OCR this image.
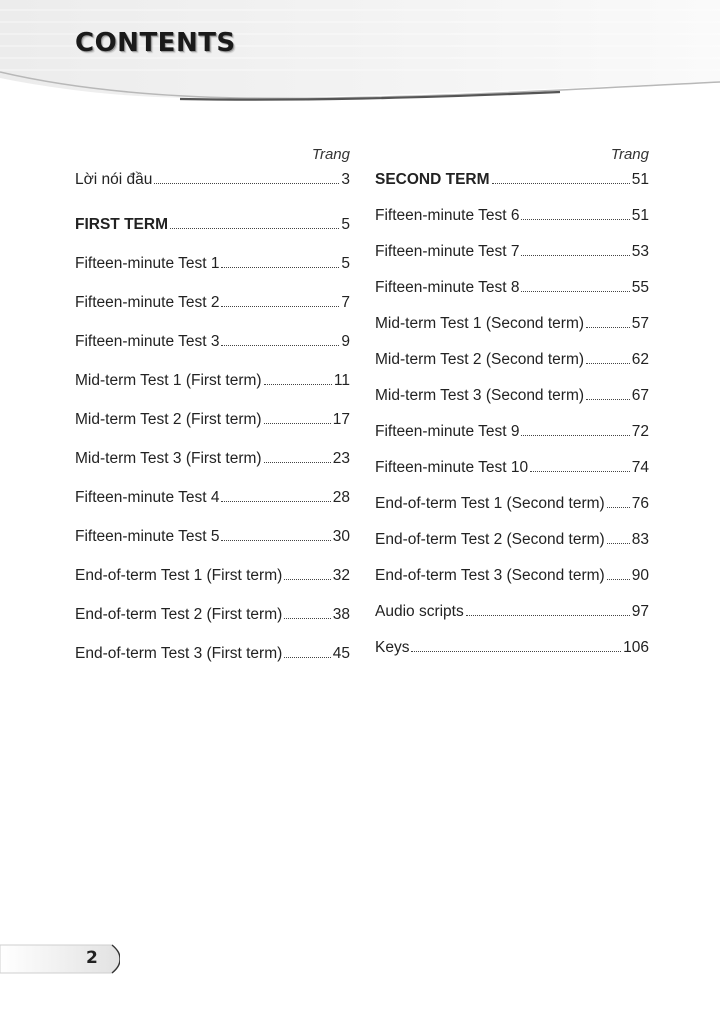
CONTENTS
Trang
Lời nói đầu	3
FIRST TERM	5
Fifteen-minute Test 1	5
Fifteen-minute Test 2	7
Fifteen-minute Test 3	9
Mid-term Test 1 (First term)	11
Mid-term Test 2 (First term)	17
Mid-term Test 3 (First term)	23
Fifteen-minute Test 4	28
Fifteen-minute Test 5	30
End-of-term Test 1 (First term)	32
End-of-term Test 2 (First term)	38
End-of-term Test 3 (First term)	45
Trang
SECOND TERM	51
Fifteen-minute Test 6	51
Fifteen-minute Test 7	53
Fifteen-minute Test 8	55
Mid-term Test 1 (Second term)	57
Mid-term Test 2 (Second term)	62
Mid-term Test 3 (Second term)	67
Fifteen-minute Test 9	72
Fifteen-minute Test 10	74
End-of-term Test 1 (Second term) 76
End-of-term Test 2 (Second term) 83
End-of-term Test 3 (Second term) 90
Audio scripts	97
Keys	106
2
